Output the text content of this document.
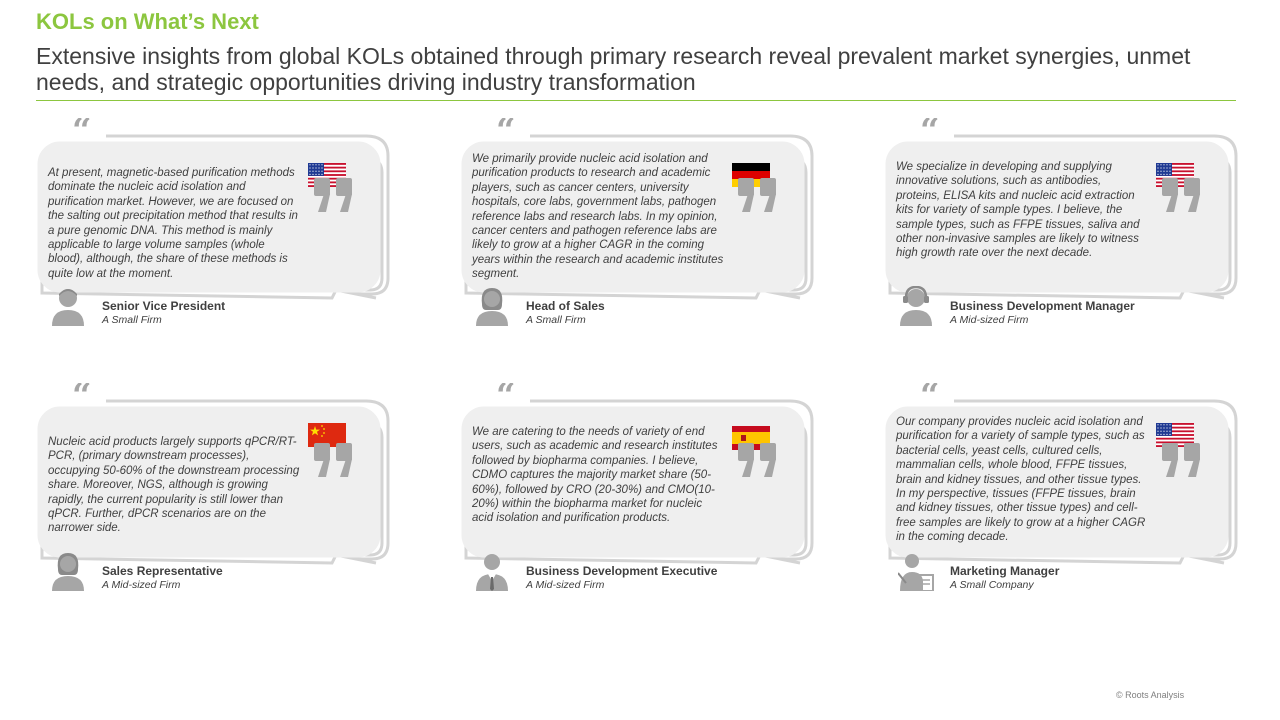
KOLs on What’s Next

Extensive insights from global KOLs obtained through primary research reveal prevalent market synergies, unmet needs, and strategic opportunities driving industry transformation

“

At present, magnetic-based purification methods dominate the nucleic acid isolation and purification market. However, we are focused on the salting out precipitation method that results in a pure genomic DNA. This method is mainly applicable to large volume samples (whole blood), although, the share of these methods is quite low at the moment.

Senior Vice President

A Small Firm

“

We primarily provide nucleic acid isolation and purification products to research and academic players, such as cancer centers, university hospitals, core labs, government labs, pathogen reference labs and research labs. In my opinion, cancer centers and pathogen reference labs are likely to grow at a higher CAGR in the coming years within the research and academic institutes segment.

Head of Sales

A Small Firm

“

We specialize in developing and supplying innovative solutions, such as antibodies, proteins, ELISA kits and nucleic acid extraction kits for variety of sample types. I believe, the sample types, such as FFPE tissues, saliva and other non-invasive samples are likely to witness high growth rate over the next decade.

Business Development Manager

A Mid-sized Firm

“

Nucleic acid products largely supports qPCR/RT-PCR, (primary downstream processes), occupying 50-60% of the downstream processing share. Moreover, NGS, although is growing rapidly, the current popularity is still lower than qPCR. Further, dPCR scenarios are on the narrower side.

Sales Representative

A Mid-sized Firm

“

We are catering to the needs of variety of end users, such as academic and research institutes followed by biopharma companies. I believe, CDMO captures the majority market share (50-60%), followed by CRO (20-30%) and CMO(10-20%) within the biopharma market for nucleic acid isolation and purification products.

Business Development Executive

A Mid-sized Firm

“

Our company provides nucleic acid isolation and purification for a variety of sample types, such as bacterial cells, yeast cells, cultured cells, mammalian cells, whole blood, FFPE tissues, brain and kidney tissues, and other tissue types. In my perspective, tissues (FFPE tissues, brain and kidney tissues, other tissue types) and cell-free samples are likely to grow at a higher CAGR in the coming decade.

Marketing Manager

A Small Company

© Roots Analysis
